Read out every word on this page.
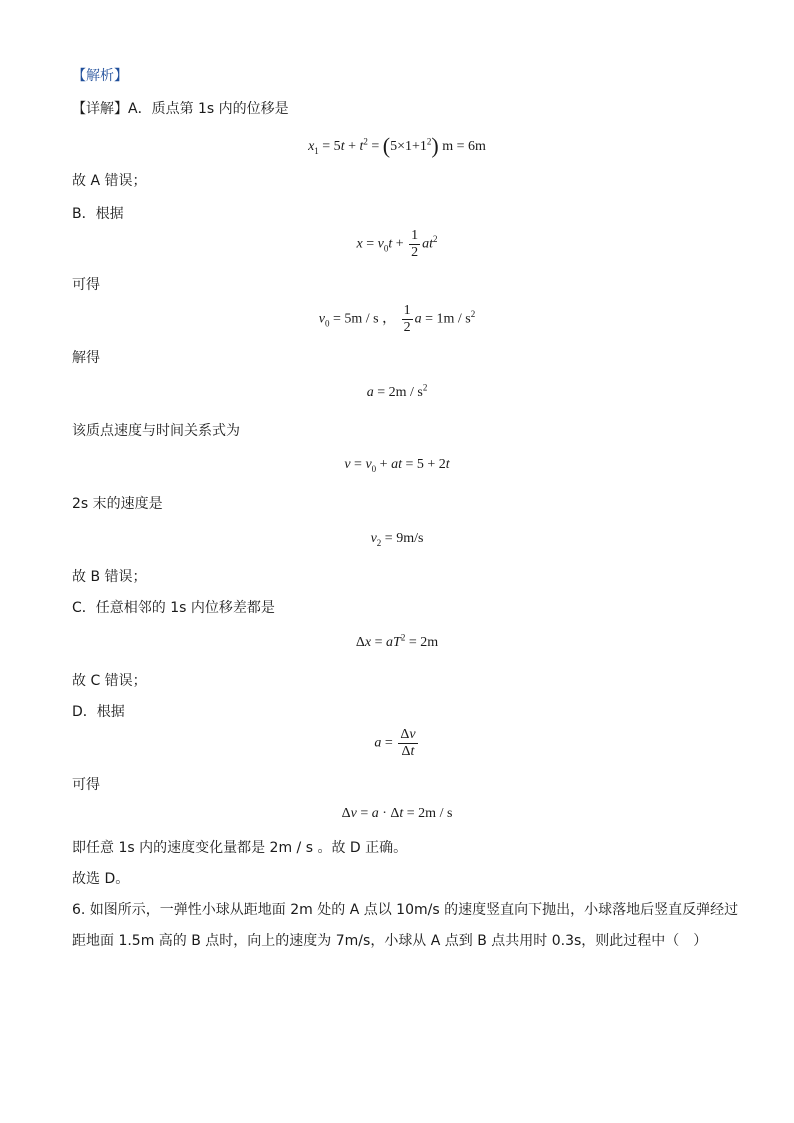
【解析】
【详解】A．质点第 1s 内的位移是
$x_1 = 5t + t^2 = (5\times 1+1^2) m = 6m$
故 A 错误；
B．根据
$x = v_0t + \frac{1}{2} at^2$
可得
$v_0 = 5m / s$ ， $\frac{1}{2}$ $a = 1m / s^2$
解得
$a = 2m / s^2$
该质点速度与时间关系式为
$v = v_0$ + at = 5 + 2t
2s 末的速度是
$v_2 = 9m/s$
故 B 错误；
C．任意相邻的 1s 内位移差都是
$\Delta x = aT^2 = 2m$
故 C 错误；
D．根据
$a = \frac{\Delta v}{\Delta t}$
可得
Δv = a · Δt = 2m / s
即任意 1s 内的速度变化量都是 2m / s 。故 D 正确。
故选 D。
6. 如图所示，一弹性小球从距地面 2m 处的 A 点以 10m/s 的速度竖直向下抛出，小球落地后竖直反弹经过
距地面 1.5m 高的 B 点时，向上的速度为 7m/s，小球从 A 点到 B 点共用时 0.3s，则此过程中（　）
